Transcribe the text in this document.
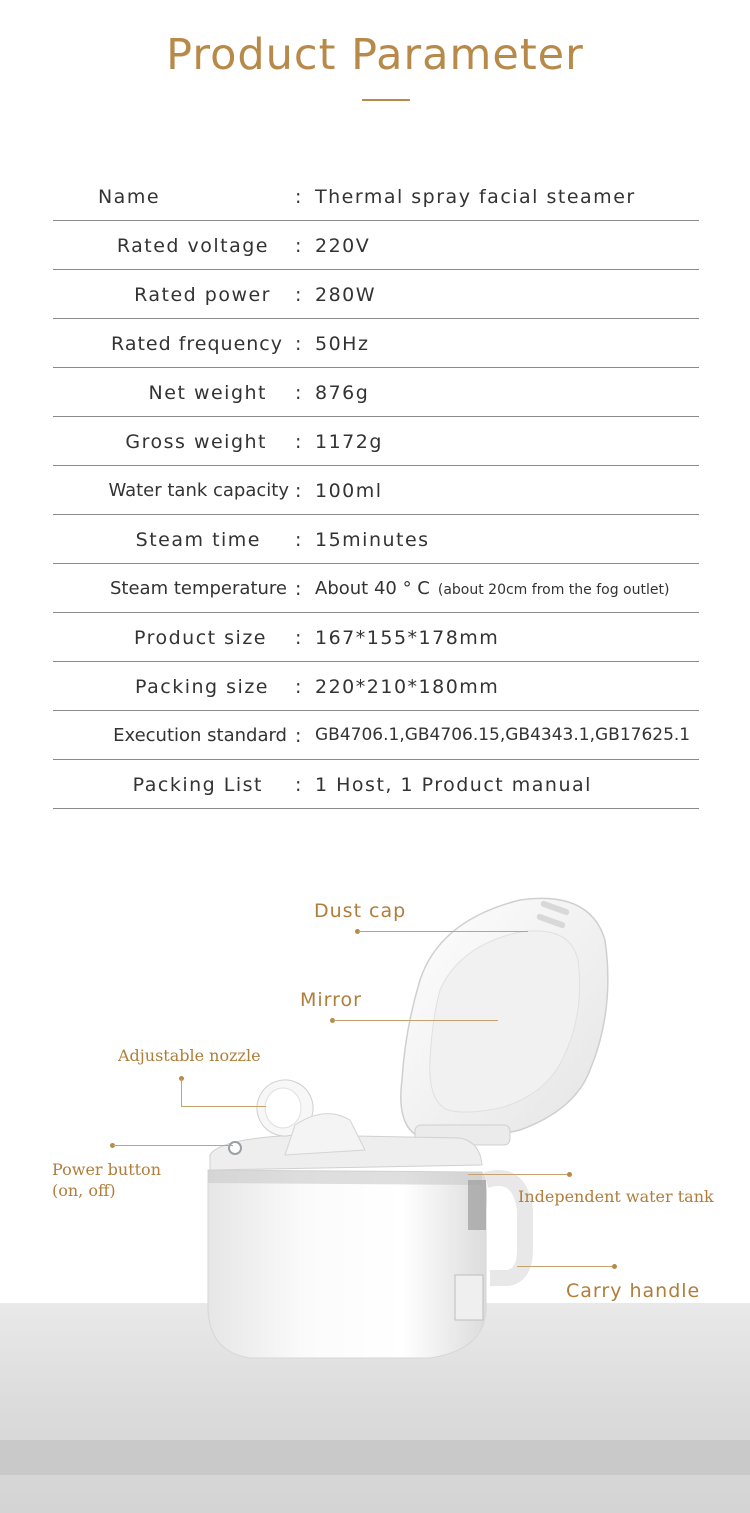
Product Parameter
Name	: Thermal spray facial steamer
Rated voltage : 220V
Rated power : 280W
Rated frequency : 50Hz
Net weight : 876g
Gross weight : 1172g
Water tank capacity : 100ml
Steam time : 15minutes
Steam temperature : About 40 ° C (about 20cm from the fog outlet)
Product size : 167*155*178mm
Packing size : 220*210*180mm
Execution standard : GB4706.1,GB4706.15,GB4343.1,GB17625.1
Packing List : 1 Host, 1 Product manual
Dust cap
Mirror
Adjustable nozzle
Power button
(on, off)	Independent water tank
Carry handle
